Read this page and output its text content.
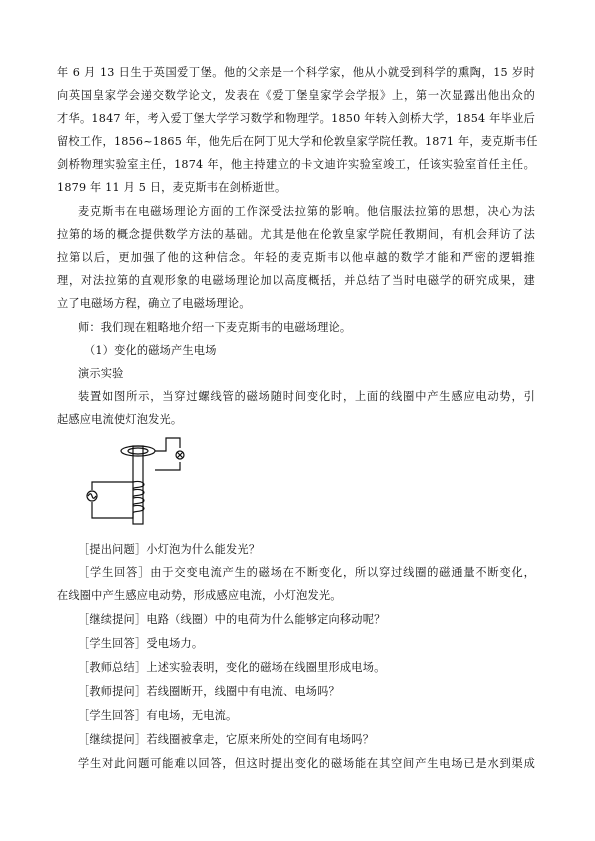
年 6 月 13 日生于英国爱丁堡。他的父亲是一个科学家，他从小就受到科学的熏陶，15 岁时
向英国皇家学会递交数学论文，发表在《爱丁堡皇家学会学报》上，第一次显露出他出众的
才华。1847 年，考入爱丁堡大学学习数学和物理学。1850 年转入剑桥大学，1854 年毕业后
留校工作，1856~1865 年，他先后在阿丁见大学和伦敦皇家学院任教。1871 年，麦克斯韦任
剑桥物理实验室主任，1874 年，他主持建立的卡文迪许实验室竣工，任该实验室首任主任。
1879 年 11 月 5 日，麦克斯韦在剑桥逝世。
麦克斯韦在电磁场理论方面的工作深受法拉第的影响。他信服法拉第的思想，决心为法
拉第的场的概念提供数学方法的基础。尤其是他在伦敦皇家学院任教期间，有机会拜访了法
拉第以后，更加强了他的这种信念。年轻的麦克斯韦以他卓越的数学才能和严密的逻辑推
理，对法拉第的直观形象的电磁场理论加以高度概括，并总结了当时电磁学的研究成果，建
立了电磁场方程，确立了电磁场理论。
师：我们现在粗略地介绍一下麦克斯韦的电磁场理论。
（1）变化的磁场产生电场
演示实验
装置如图所示，当穿过螺线管的磁场随时间变化时，上面的线圈中产生感应电动势，引
起感应电流使灯泡发光。
［提出问题］小灯泡为什么能发光？
［学生回答］由于交变电流产生的磁场在不断变化，所以穿过线圈的磁通量不断变化，
在线圈中产生感应电动势，形成感应电流，小灯泡发光。
［继续提问］电路（线圈）中的电荷为什么能够定向移动呢？
［学生回答］受电场力。
［教师总结］上述实验表明，变化的磁场在线圈里形成电场。
［教师提问］若线圈断开，线圈中有电流、电场吗？
［学生回答］有电场，无电流。
［继续提问］若线圈被拿走，它原来所处的空间有电场吗？
学生对此问题可能难以回答，但这时提出变化的磁场能在其空间产生电场已是水到渠成
